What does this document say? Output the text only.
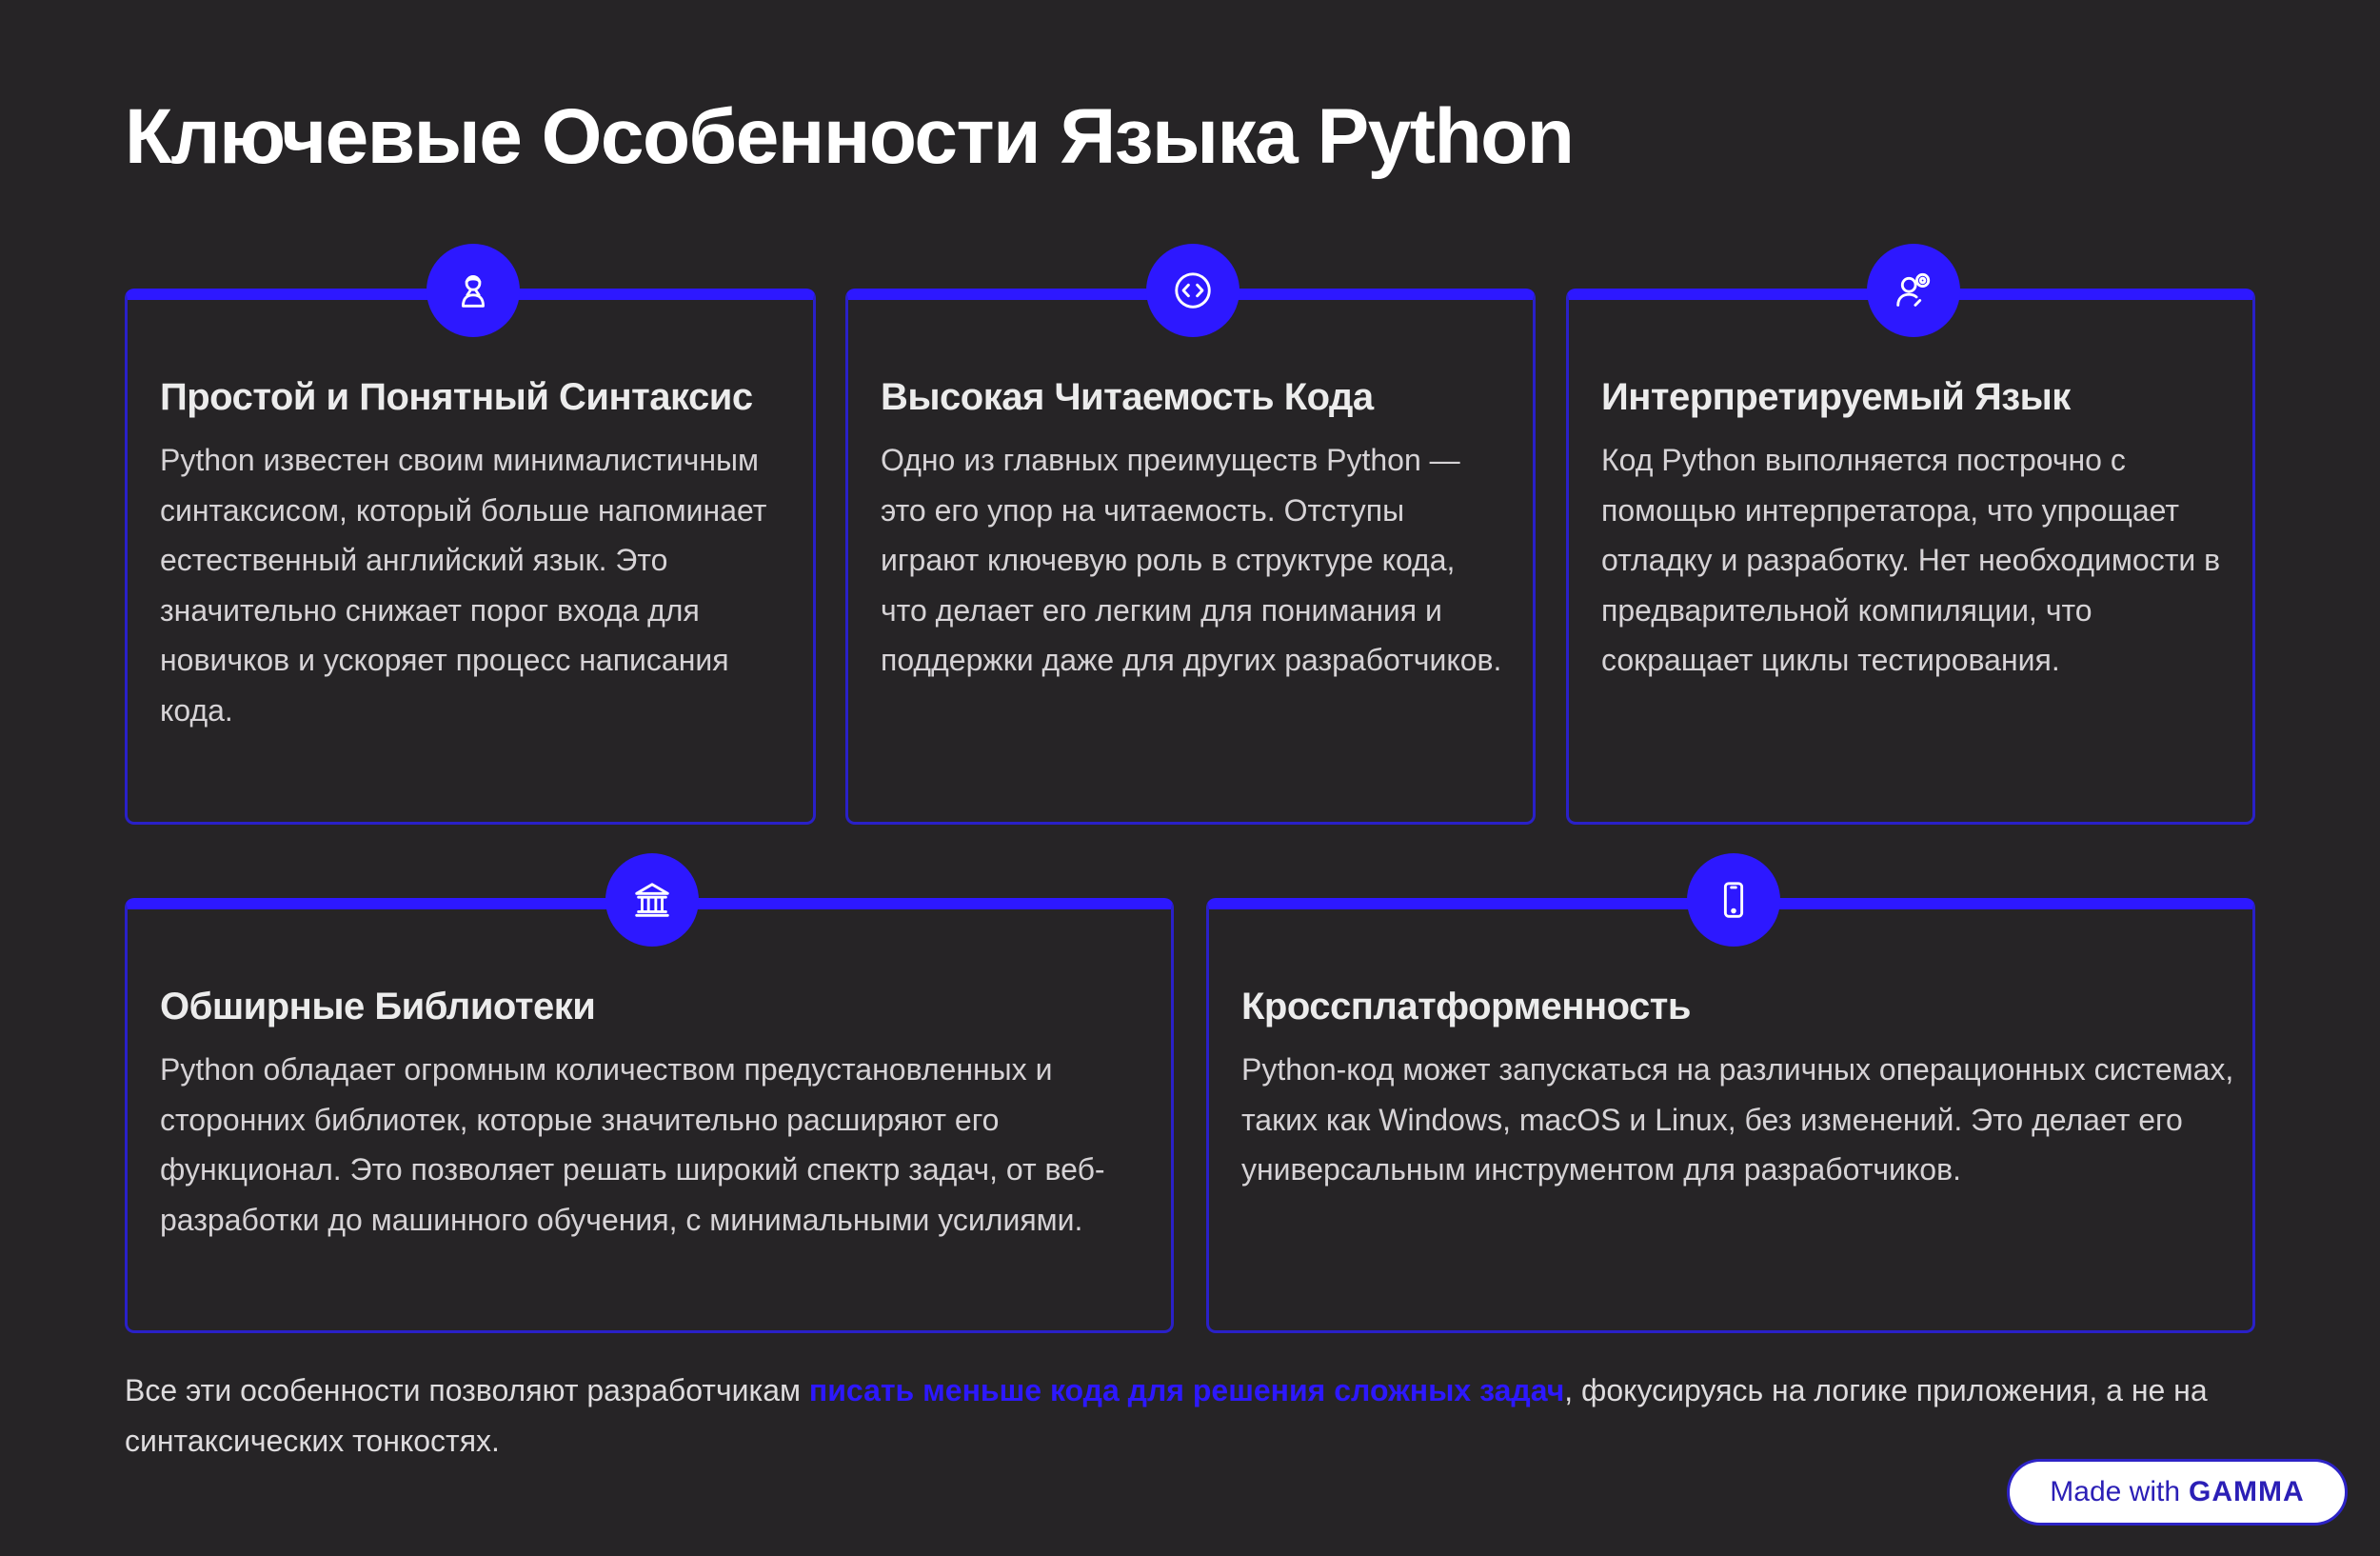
Ключевые Особенности Языка Python
Простой и Понятный Синтаксис

Python известен своим минималистичным синтаксисом, который больше напоминает естественный английский язык. Это значительно снижает порог входа для новичков и ускоряет процесс написания кода.

Высокая Читаемость Кода

Одно из главных преимуществ Python — это его упор на читаемость. Отступы играют ключевую роль в структуре кода, что делает его легким для понимания и поддержки даже для других разработчиков.

Интерпретируемый Язык

Код Python выполняется построчно с помощью интерпретатора, что упрощает отладку и разработку. Нет необходимости в предварительной компиляции, что сокращает циклы тестирования.

Обширные Библиотеки

Python обладает огромным количеством предустановленных и сторонних библиотек, которые значительно расширяют его функционал. Это позволяет решать широкий спектр задач, от веб-разработки до машинного обучения, с минимальными усилиями.

Кроссплатформенность

Python-код может запускаться на различных операционных системах, таких как Windows, macOS и Linux, без изменений. Это делает его универсальным инструментом для разработчиков.

Все эти особенности позволяют разработчикам писать меньше кода для решения сложных задач, фокусируясь на логике приложения, а не на синтаксических тонкостях.

Made with GAMMA
